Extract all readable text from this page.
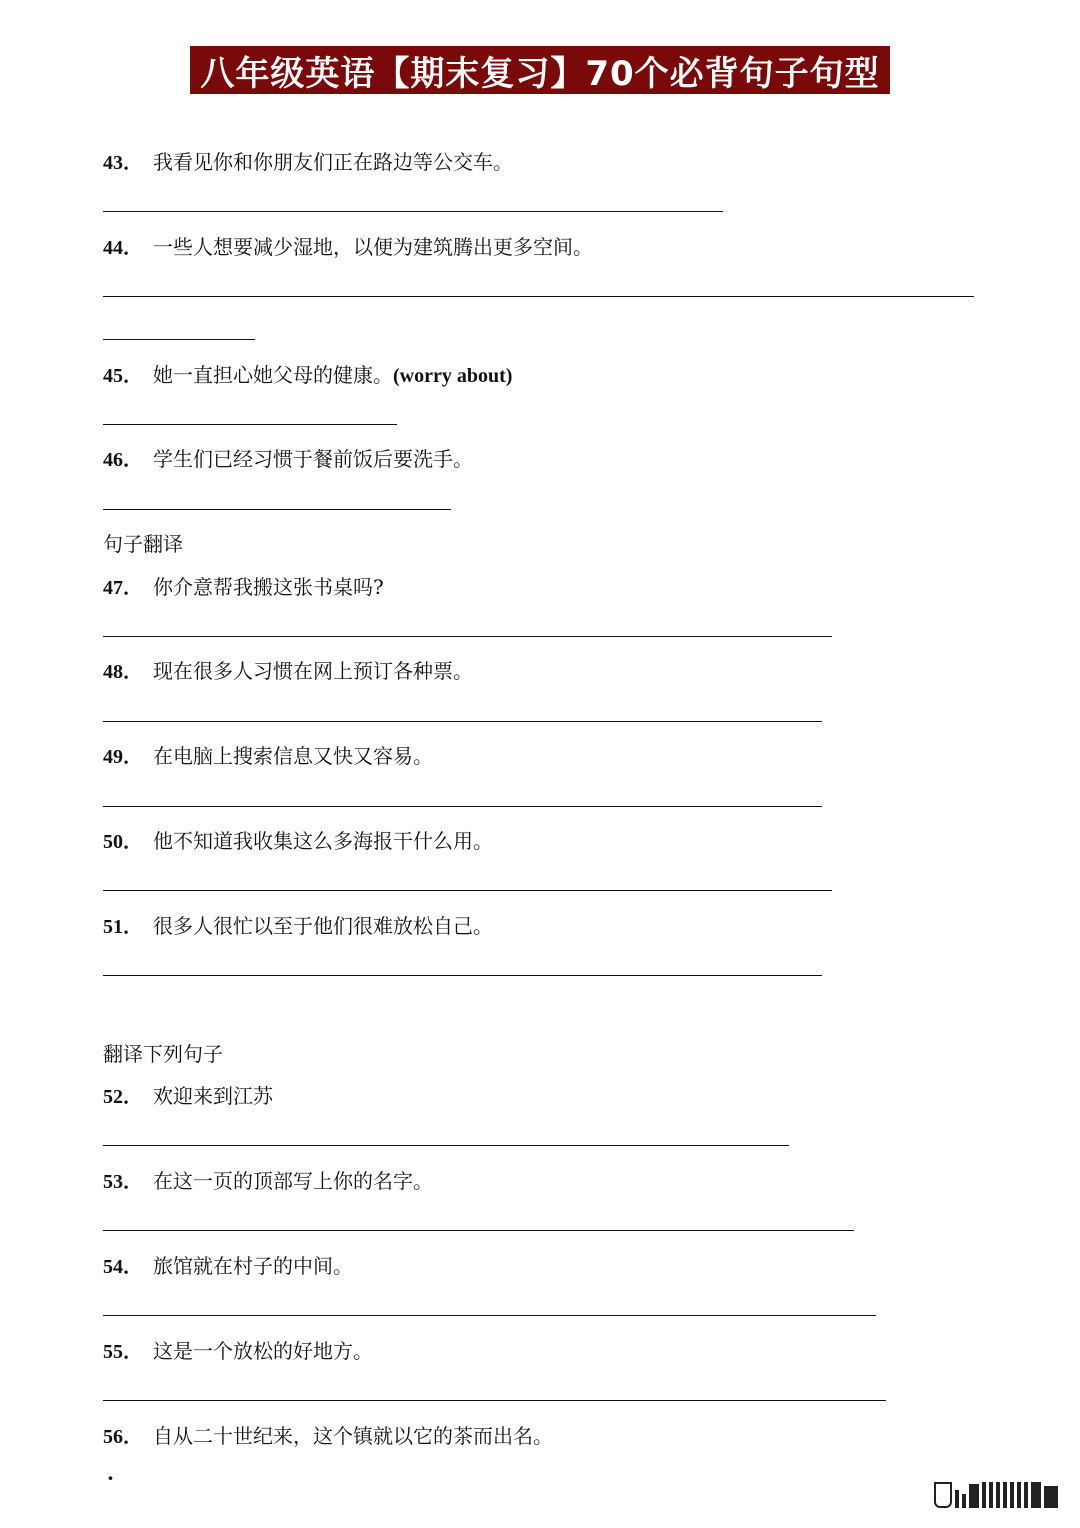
八年级英语【期末复习】70个必背句子句型
43． 我看见你和你朋友们正在路边等公交车。
44． 一些人想要减少湿地，以便为建筑腾出更多空间。
45． 她一直担心她父母的健康。(worry about)
46． 学生们已经习惯于餐前饭后要洗手。
句子翻译
47． 你介意帮我搬这张书桌吗?
48． 现在很多人习惯在网上预订各种票。
49． 在电脑上搜索信息又快又容易。
50． 他不知道我收集这么多海报干什么用。
51． 很多人很忙以至于他们很难放松自己。
翻译下列句子
52． 欢迎来到江苏
53． 在这一页的顶部写上你的名字。
54． 旅馆就在村子的中间。
55． 这是一个放松的好地方。
56． 自从二十世纪来，这个镇就以它的茶而出名。
·
